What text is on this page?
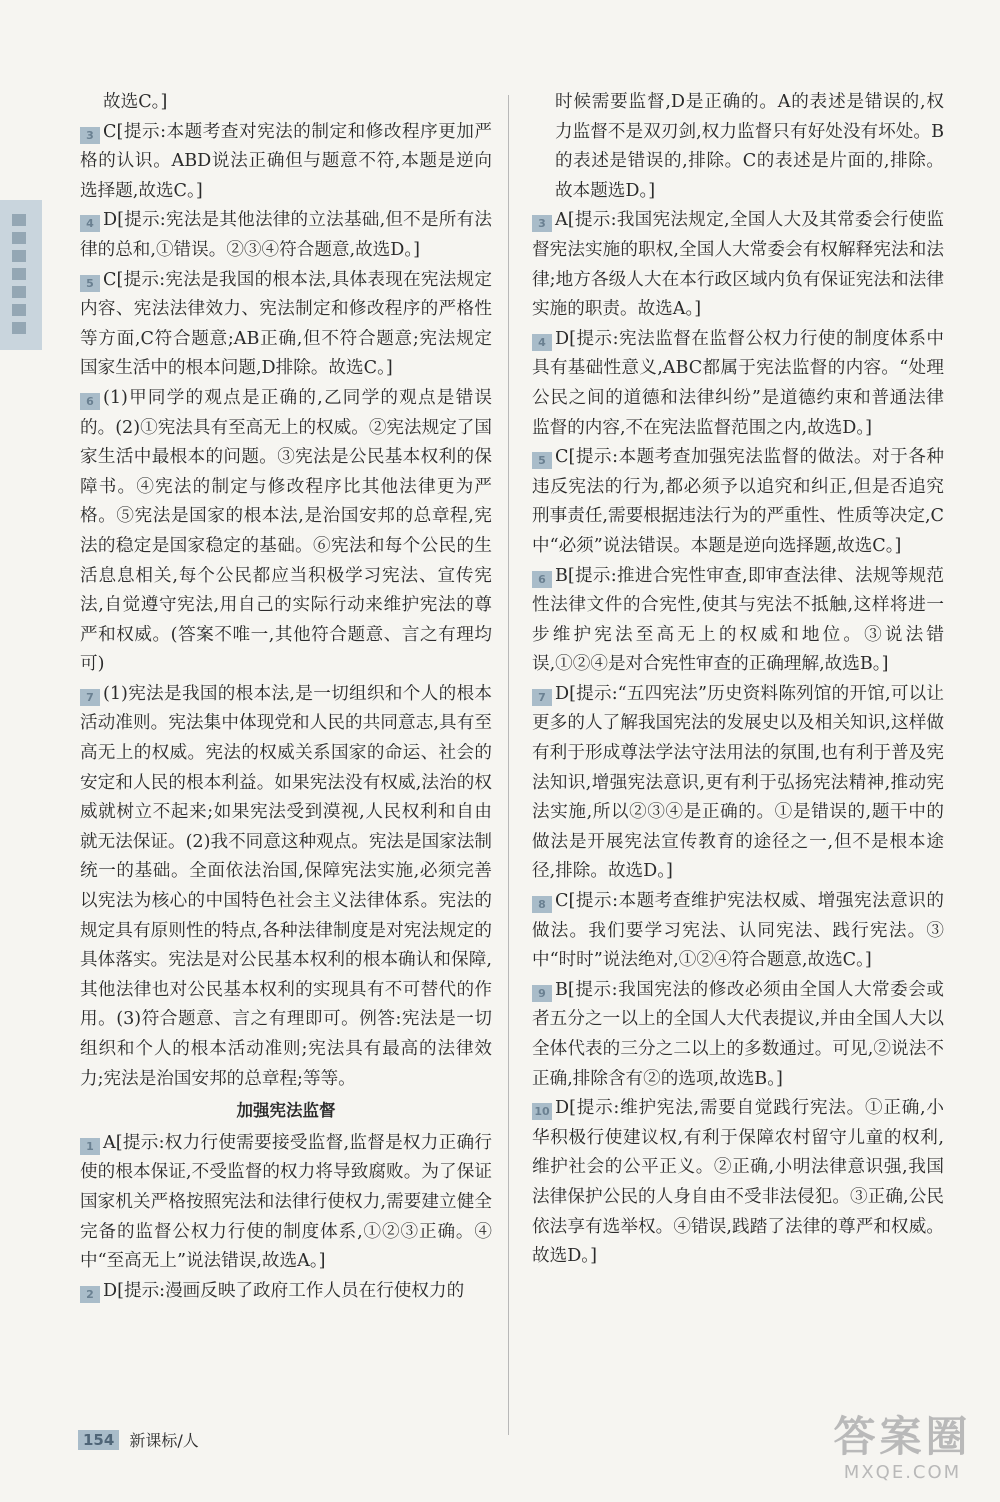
故选C。]

3 C[提示:本题考查对宪法的制定和修改程序更加严格的认识。ABD说法正确但与题意不符,本题是逆向选择题,故选C。]
4 D[提示:宪法是其他法律的立法基础,但不是所有法律的总和,①错误。②③④符合题意,故选D。]
5 C[提示:宪法是我国的根本法,具体表现在宪法规定内容、宪法法律效力、宪法制定和修改程序的严格性等方面,C符合题意;AB正确,但不符合题意;宪法规定国家生活中的根本问题,D排除。故选C。]
6 (1)甲同学的观点是正确的,乙同学的观点是错误的。(2)①宪法具有至高无上的权威。②宪法规定了国家生活中最根本的问题。③宪法是公民基本权利的保障书。④宪法的制定与修改程序比其他法律更为严格。⑤宪法是国家的根本法,是治国安邦的总章程,宪法的稳定是国家稳定的基础。⑥宪法和每个公民的生活息息相关,每个公民都应当积极学习宪法、宣传宪法,自觉遵守宪法,用自己的实际行动来维护宪法的尊严和权威。(答案不唯一,其他符合题意、言之有理均可)
7 (1)宪法是我国的根本法,是一切组织和个人的根本活动准则。宪法集中体现党和人民的共同意志,具有至高无上的权威。宪法的权威关系国家的命运、社会的安定和人民的根本利益。如果宪法没有权威,法治的权威就树立不起来;如果宪法受到漠视,人民权利和自由就无法保证。(2)我不同意这种观点。宪法是国家法制统一的基础。全面依法治国,保障宪法实施,必须完善以宪法为核心的中国特色社会主义法律体系。宪法的规定具有原则性的特点,各种法律制度是对宪法规定的具体落实。宪法是对公民基本权利的根本确认和保障,其他法律也对公民基本权利的实现具有不可替代的作用。(3)符合题意、言之有理即可。例答:宪法是一切组织和个人的根本活动准则;宪法具有最高的法律效力;宪法是治国安邦的总章程;等等。
加强宪法监督
1 A[提示:权力行使需要接受监督,监督是权力正确行使的根本保证,不受监督的权力将导致腐败。为了保证国家机关严格按照宪法和法律行使权力,需要建立健全完备的监督公权力行使的制度体系,①②③正确。④中“至高无上”说法错误,故选A。]
2 D[提示:漫画反映了政府工作人员在行使权力的

时候需要监督,D是正确的。A的表述是错误的,权力监督不是双刃剑,权力监督只有好处没有坏处。B的表述是错误的,排除。C的表述是片面的,排除。故本题选D。]

3 A[提示:我国宪法规定,全国人大及其常委会行使监督宪法实施的职权,全国人大常委会有权解释宪法和法律;地方各级人大在本行政区域内负有保证宪法和法律实施的职责。故选A。]
4 D[提示:宪法监督在监督公权力行使的制度体系中具有基础性意义,ABC都属于宪法监督的内容。“处理公民之间的道德和法律纠纷”是道德约束和普通法律监督的内容,不在宪法监督范围之内,故选D。]
5 C[提示:本题考查加强宪法监督的做法。对于各种违反宪法的行为,都必须予以追究和纠正,但是否追究刑事责任,需要根据违法行为的严重性、性质等决定,C中“必须”说法错误。本题是逆向选择题,故选C。]
6 B[提示:推进合宪性审查,即审查法律、法规等规范性法律文件的合宪性,使其与宪法不抵触,这样将进一步维护宪法至高无上的权威和地位。③说法错误,①②④是对合宪性审查的正确理解,故选B。]
7 D[提示:“五四宪法”历史资料陈列馆的开馆,可以让更多的人了解我国宪法的发展史以及相关知识,这样做有利于形成尊法学法守法用法的氛围,也有利于普及宪法知识,增强宪法意识,更有利于弘扬宪法精神,推动宪法实施,所以②③④是正确的。①是错误的,题干中的做法是开展宪法宣传教育的途径之一,但不是根本途径,排除。故选D。]
8 C[提示:本题考查维护宪法权威、增强宪法意识的做法。我们要学习宪法、认同宪法、践行宪法。③中“时时”说法绝对,①②④符合题意,故选C。]
9 B[提示:我国宪法的修改必须由全国人大常委会或者五分之一以上的全国人大代表提议,并由全国人大以全体代表的三分之二以上的多数通过。可见,②说法不正确,排除含有②的选项,故选B。]
10 D[提示:维护宪法,需要自觉践行宪法。①正确,小华积极行使建议权,有利于保障农村留守儿童的权利,维护社会的公平正义。②正确,小明法律意识强,我国法律保护公民的人身自由不受非法侵犯。③正确,公民依法享有选举权。④错误,践踏了法律的尊严和权威。故选D。]
154 新课标/人	答案圈
MXQE.COM
